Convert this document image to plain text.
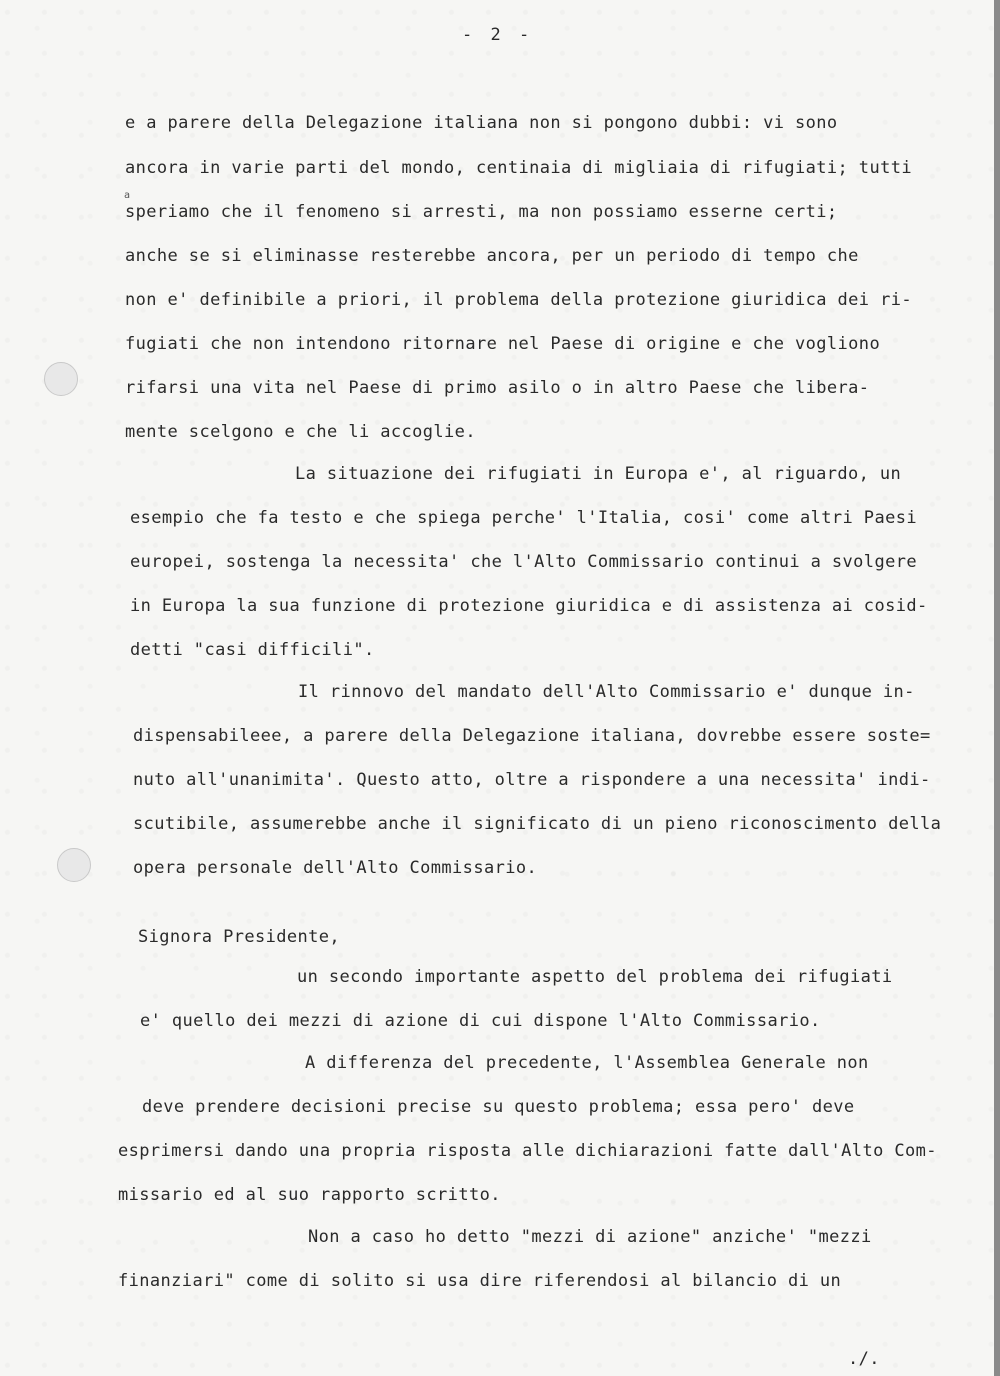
- 2 -

e a parere della Delegazione italiana non si pongono dubbi: vi sono

ancora in varie parti del mondo, centinaia di migliaia di rifugiati; tutti

a

speriamo che il fenomeno si arresti, ma non possiamo esserne certi;

anche se si eliminasse resterebbe ancora, per un periodo di tempo che

non e' definibile a priori, il problema della protezione giuridica dei ri-

fugiati che non intendono ritornare nel Paese di origine e che vogliono

rifarsi una vita nel Paese di primo asilo o in altro Paese che libera-

mente scelgono e che li accoglie.

La situazione dei rifugiati in Europa e', al riguardo, un

esempio che fa testo e che spiega perche' l'Italia, cosi' come altri Paesi

europei, sostenga la necessita' che l'Alto Commissario continui a svolgere

in Europa la sua funzione di protezione giuridica e di assistenza ai cosid-

detti "casi difficili".

Il rinnovo del mandato dell'Alto Commissario e' dunque in-

dispensabileee, a parere della Delegazione italiana, dovrebbe essere soste=

nuto all'unanimita'. Questo atto, oltre a rispondere a una necessita' indi-

scutibile, assumerebbe anche il significato di un pieno riconoscimento della

opera personale dell'Alto Commissario.

Signora Presidente,

un secondo importante aspetto del problema dei rifugiati

e' quello dei mezzi di azione di cui dispone l'Alto Commissario.

A differenza del precedente, l'Assemblea Generale non

deve prendere decisioni precise su questo problema; essa pero' deve

esprimersi dando una propria risposta alle dichiarazioni fatte dall'Alto Com-

missario ed al suo rapporto scritto.

Non a caso ho detto "mezzi di azione" anziche' "mezzi

finanziari" come di solito si usa dire riferendosi al bilancio di un

./.
